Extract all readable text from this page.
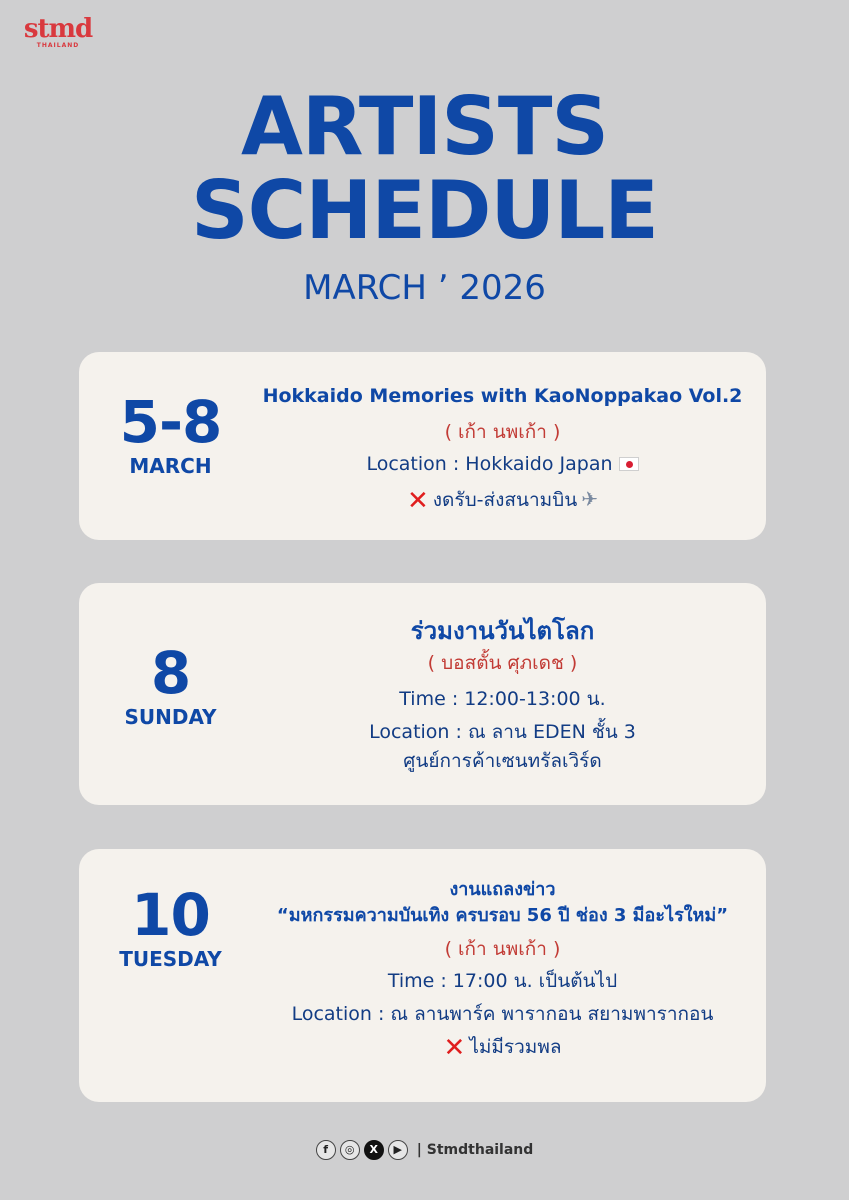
stmd
THAILAND
ARTISTS
SCHEDULE
MARCH ’ 2026
5-8
MARCH
Hokkaido Memories with KaoNoppakao Vol.2
( เก้า นพเก้า )
Location : Hokkaido Japan
✕ งดรับ-ส่งสนามบิน ✈
8
SUNDAY
ร่วมงานวันไตโลก
( บอสตั้น ศุภเดช )
Time : 12:00-13:00 น.
Location : ณ ลาน EDEN ชั้น 3
ศูนย์การค้าเซนทรัลเวิร์ด
10
TUESDAY
งานแถลงข่าว
“มหกรรมความบันเทิง ครบรอบ 56 ปี ช่อง 3 มีอะไรใหม่”
( เก้า นพเก้า )
Time : 17:00 น. เป็นต้นไป
Location : ณ ลานพาร์ค พารากอน สยามพารากอน
✕ ไม่มีรวมพล
f	◎	X	▶	| Stmdthailand
